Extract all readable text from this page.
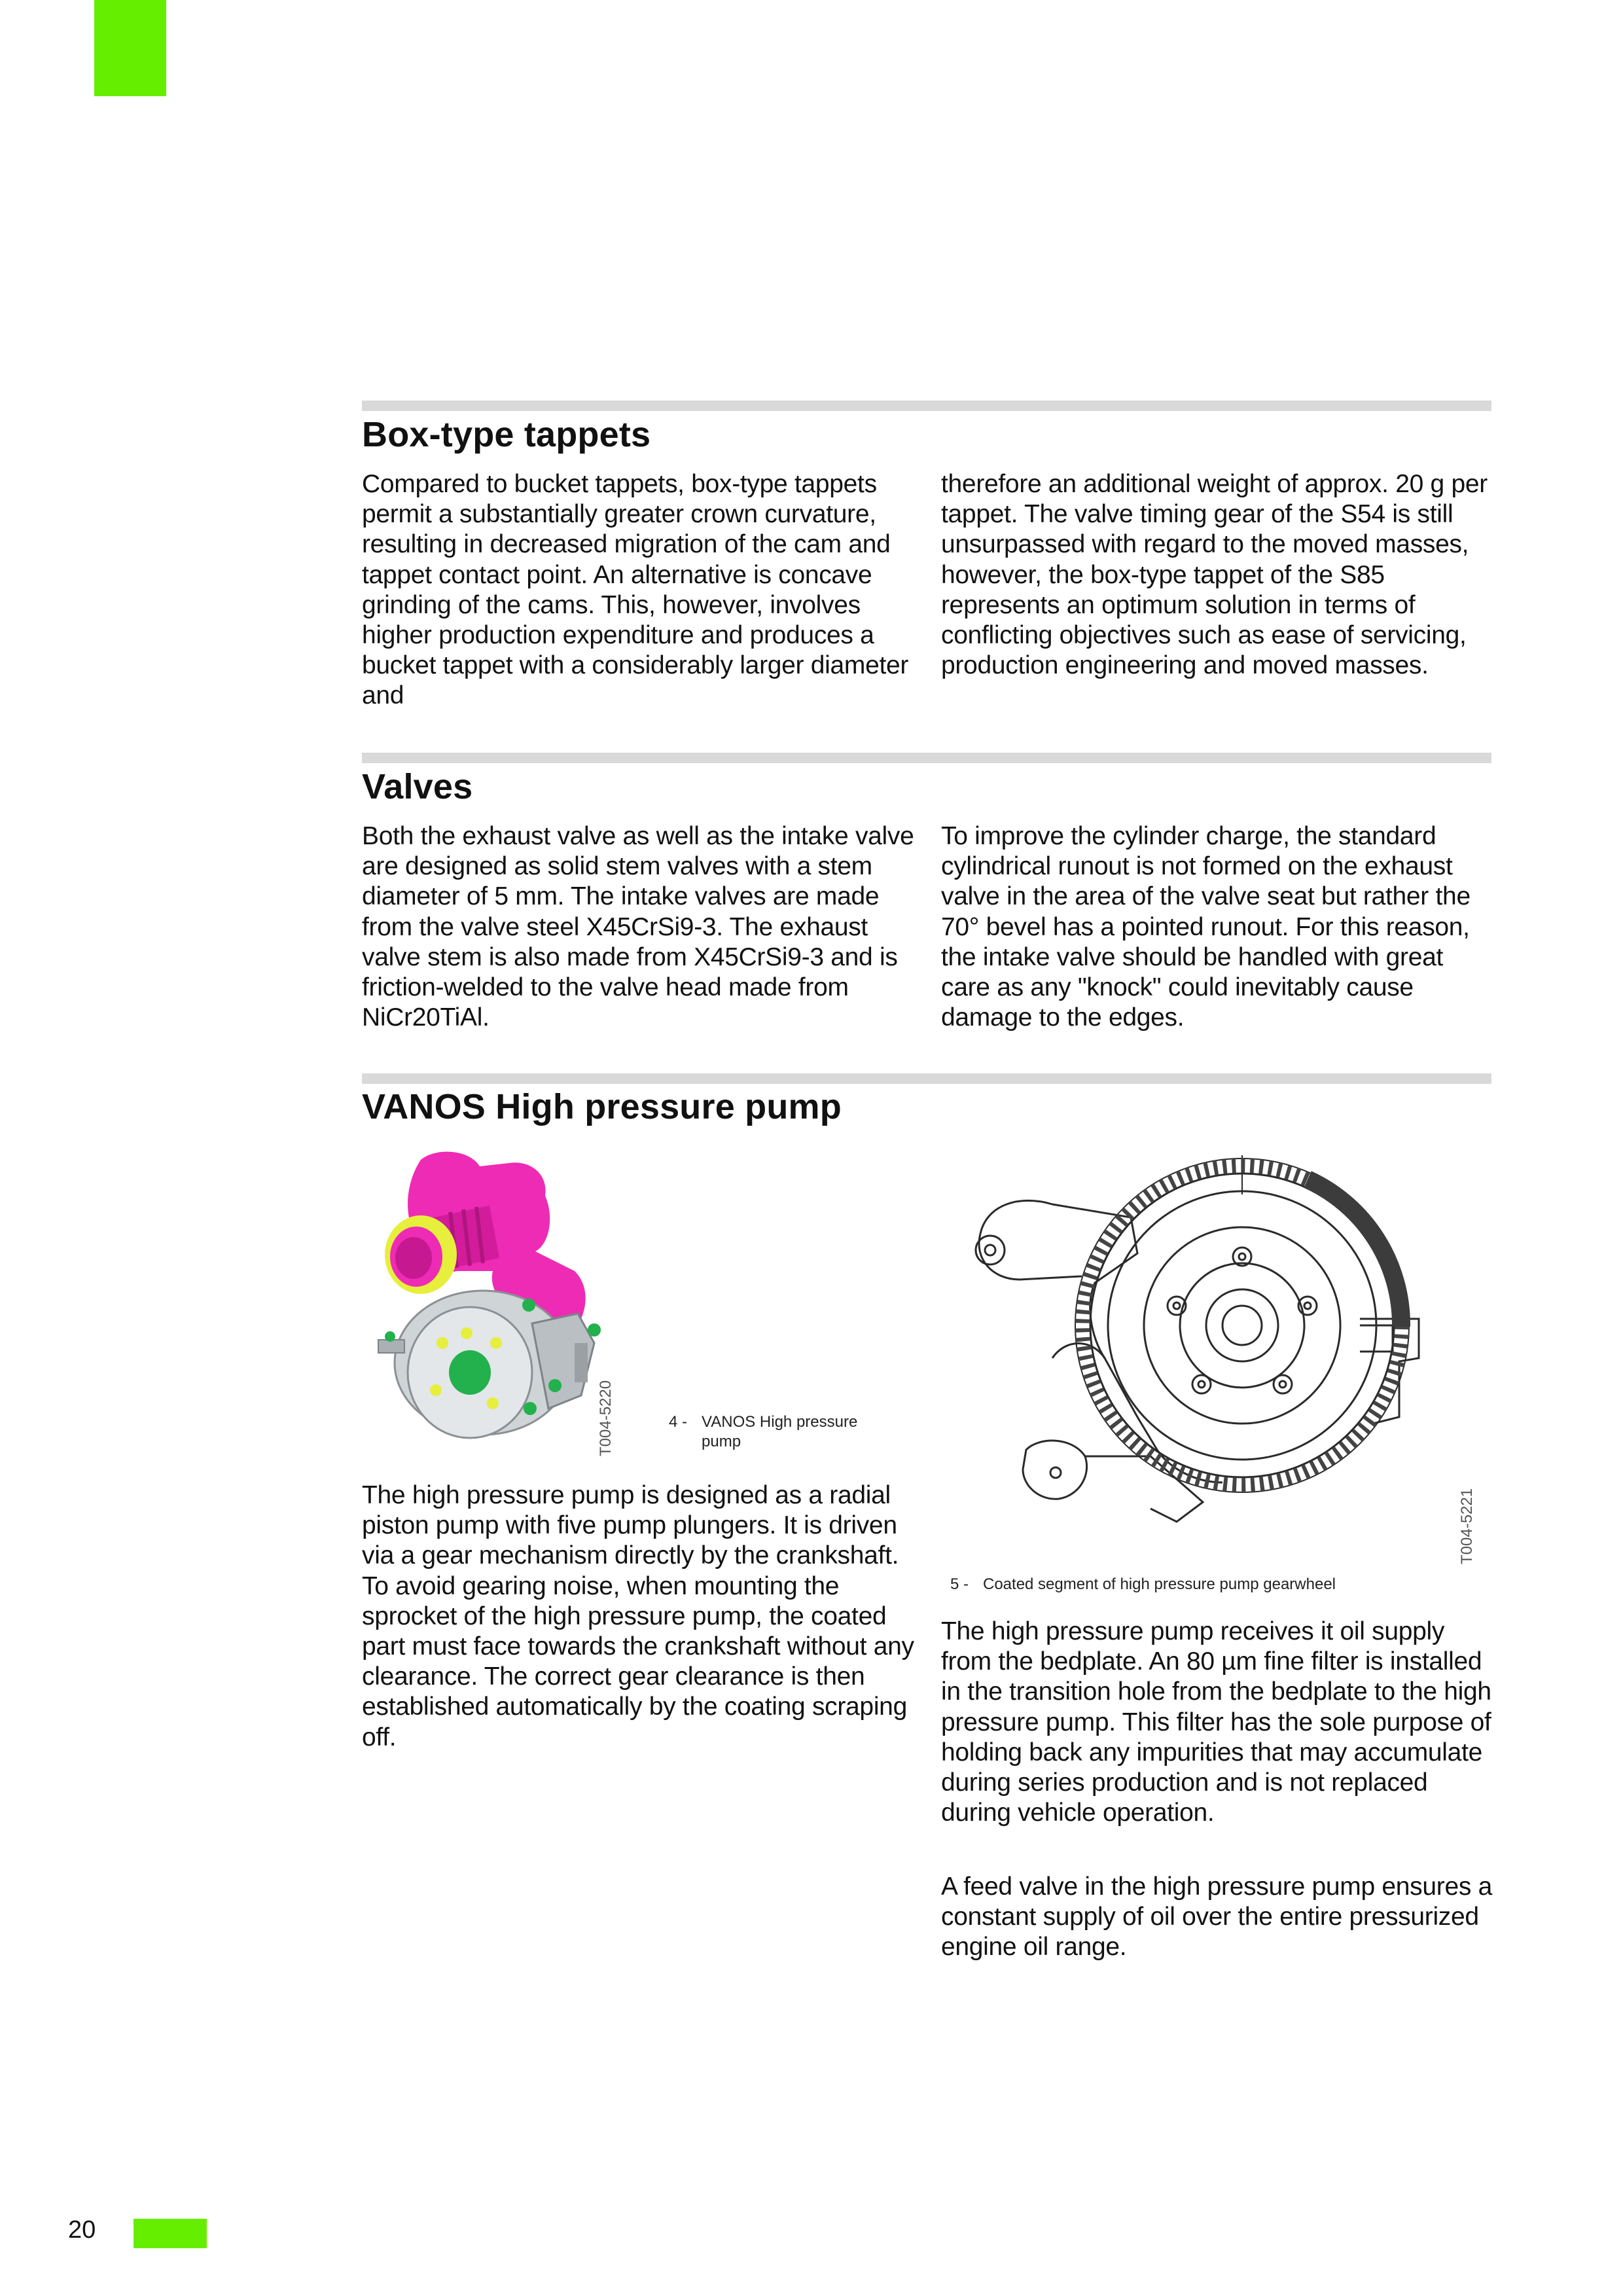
Box-type tappets

Compared to bucket tappets, box-type tappets permit a substantially greater crown curvature, resulting in decreased migration of the cam and tappet contact point. An alternative is concave grinding of the cams. This, however, involves higher production expenditure and produces a bucket tappet with a considerably larger diameter and

therefore an additional weight of approx. 20 g per tappet. The valve timing gear of the S54 is still unsurpassed with regard to the moved masses, however, the box-type tappet of the S85 represents an optimum solution in terms of conflicting objectives such as ease of servicing, production engineering and moved masses.

Valves

Both the exhaust valve as well as the intake valve are designed as solid stem valves with a stem diameter of 5 mm. The intake valves are made from the valve steel X45CrSi9-3. The exhaust valve stem is also made from X45CrSi9-3 and is friction-welded to the valve head made from NiCr20TiAl.

To improve the cylinder charge, the standard cylindrical runout is not formed on the exhaust valve in the area of the valve seat but rather the 70° bevel has a pointed runout. For this reason, the intake valve should be handled with great care as any "knock" could inevitably cause damage to the edges.

VANOS High pressure pump
T004-5220	4 - VANOS High pressure pump

The high pressure pump is designed as a radial piston pump with five pump plungers. It is driven via a gear mechanism directly by the crankshaft. To avoid gearing noise, when mounting the sprocket of the high pressure pump, the coated part must face towards the crankshaft without any clearance. The correct gear clearance is then established automatically by the coating scraping off.

T004-5221
5 - Coated segment of high pressure pump gearwheel

The high pressure pump receives it oil supply from the bedplate. An 80 µm fine filter is installed in the transition hole from the bedplate to the high pressure pump. This filter has the sole purpose of holding back any impurities that may accumulate during series production and is not replaced during vehicle operation.

A feed valve in the high pressure pump ensures a constant supply of oil over the entire pressurized engine oil range.

20
